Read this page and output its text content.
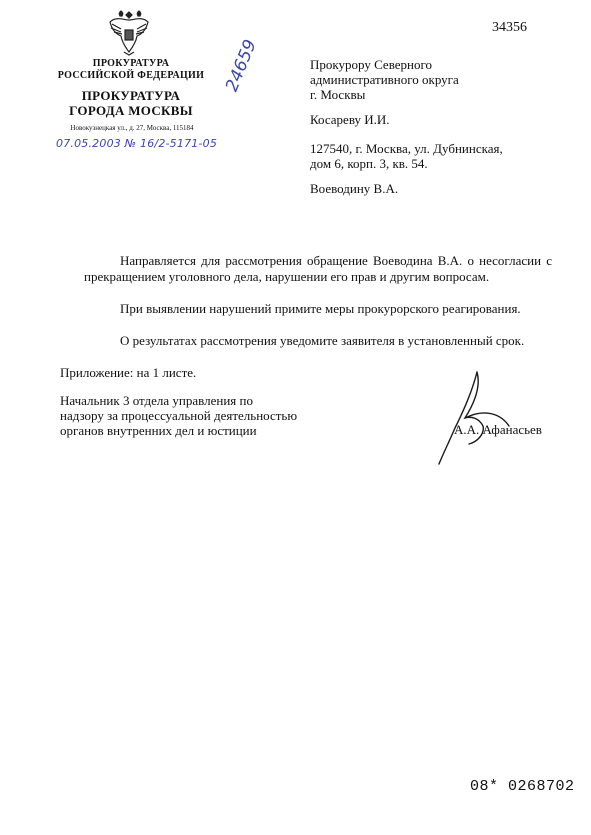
34356
ПРОКУРАТУРА
РОССИЙСКОЙ ФЕДЕРАЦИИ
ПРОКУРАТУРА
ГОРОДА МОСКВЫ
Новокузнецкая ул., д. 27, Москва, 115184
07.05.2003 № 16/2-5171-05
24659	Прокурору Северного
административного округа
г. Москвы
Косареву И.И.
127540, г. Москва, ул. Дубнинская,
дом 6, корп. 3, кв. 54.
Воеводину В.А.
Направляется для рассмотрения обращение Воеводина В.А. о несогласии с прекращением уголовного дела, нарушении его прав и другим вопросам.
При выявлении нарушений примите меры прокурорского реагирования.
О результатах рассмотрения уведомите заявителя в установленный срок.
Приложение: на 1 листе.
Начальник 3 отдела управления по
надзору за процессуальной деятельностью
органов внутренних дел и юстиции	А.А. Афанасьев
08* 0268702
